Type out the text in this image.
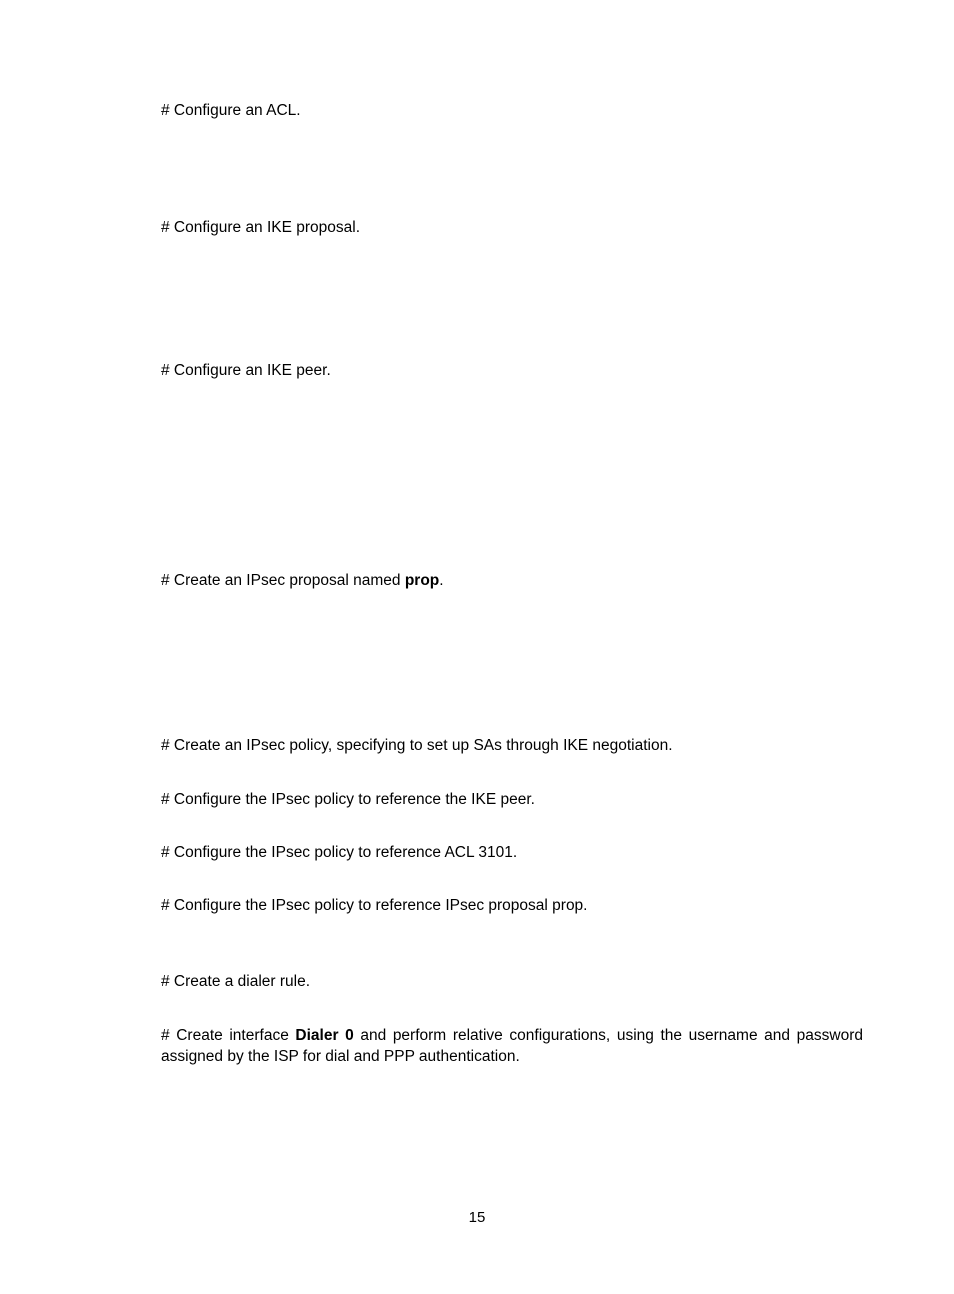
# Configure an ACL.
# Configure an IKE proposal.
# Configure an IKE peer.
# Create an IPsec proposal named prop.
# Create an IPsec policy, specifying to set up SAs through IKE negotiation.
# Configure the IPsec policy to reference the IKE peer.
# Configure the IPsec policy to reference ACL 3101.
# Configure the IPsec policy to reference IPsec proposal prop.
# Create a dialer rule.
# Create interface Dialer 0 and perform relative configurations, using the username and password
assigned by the ISP for dial and PPP authentication.
15
